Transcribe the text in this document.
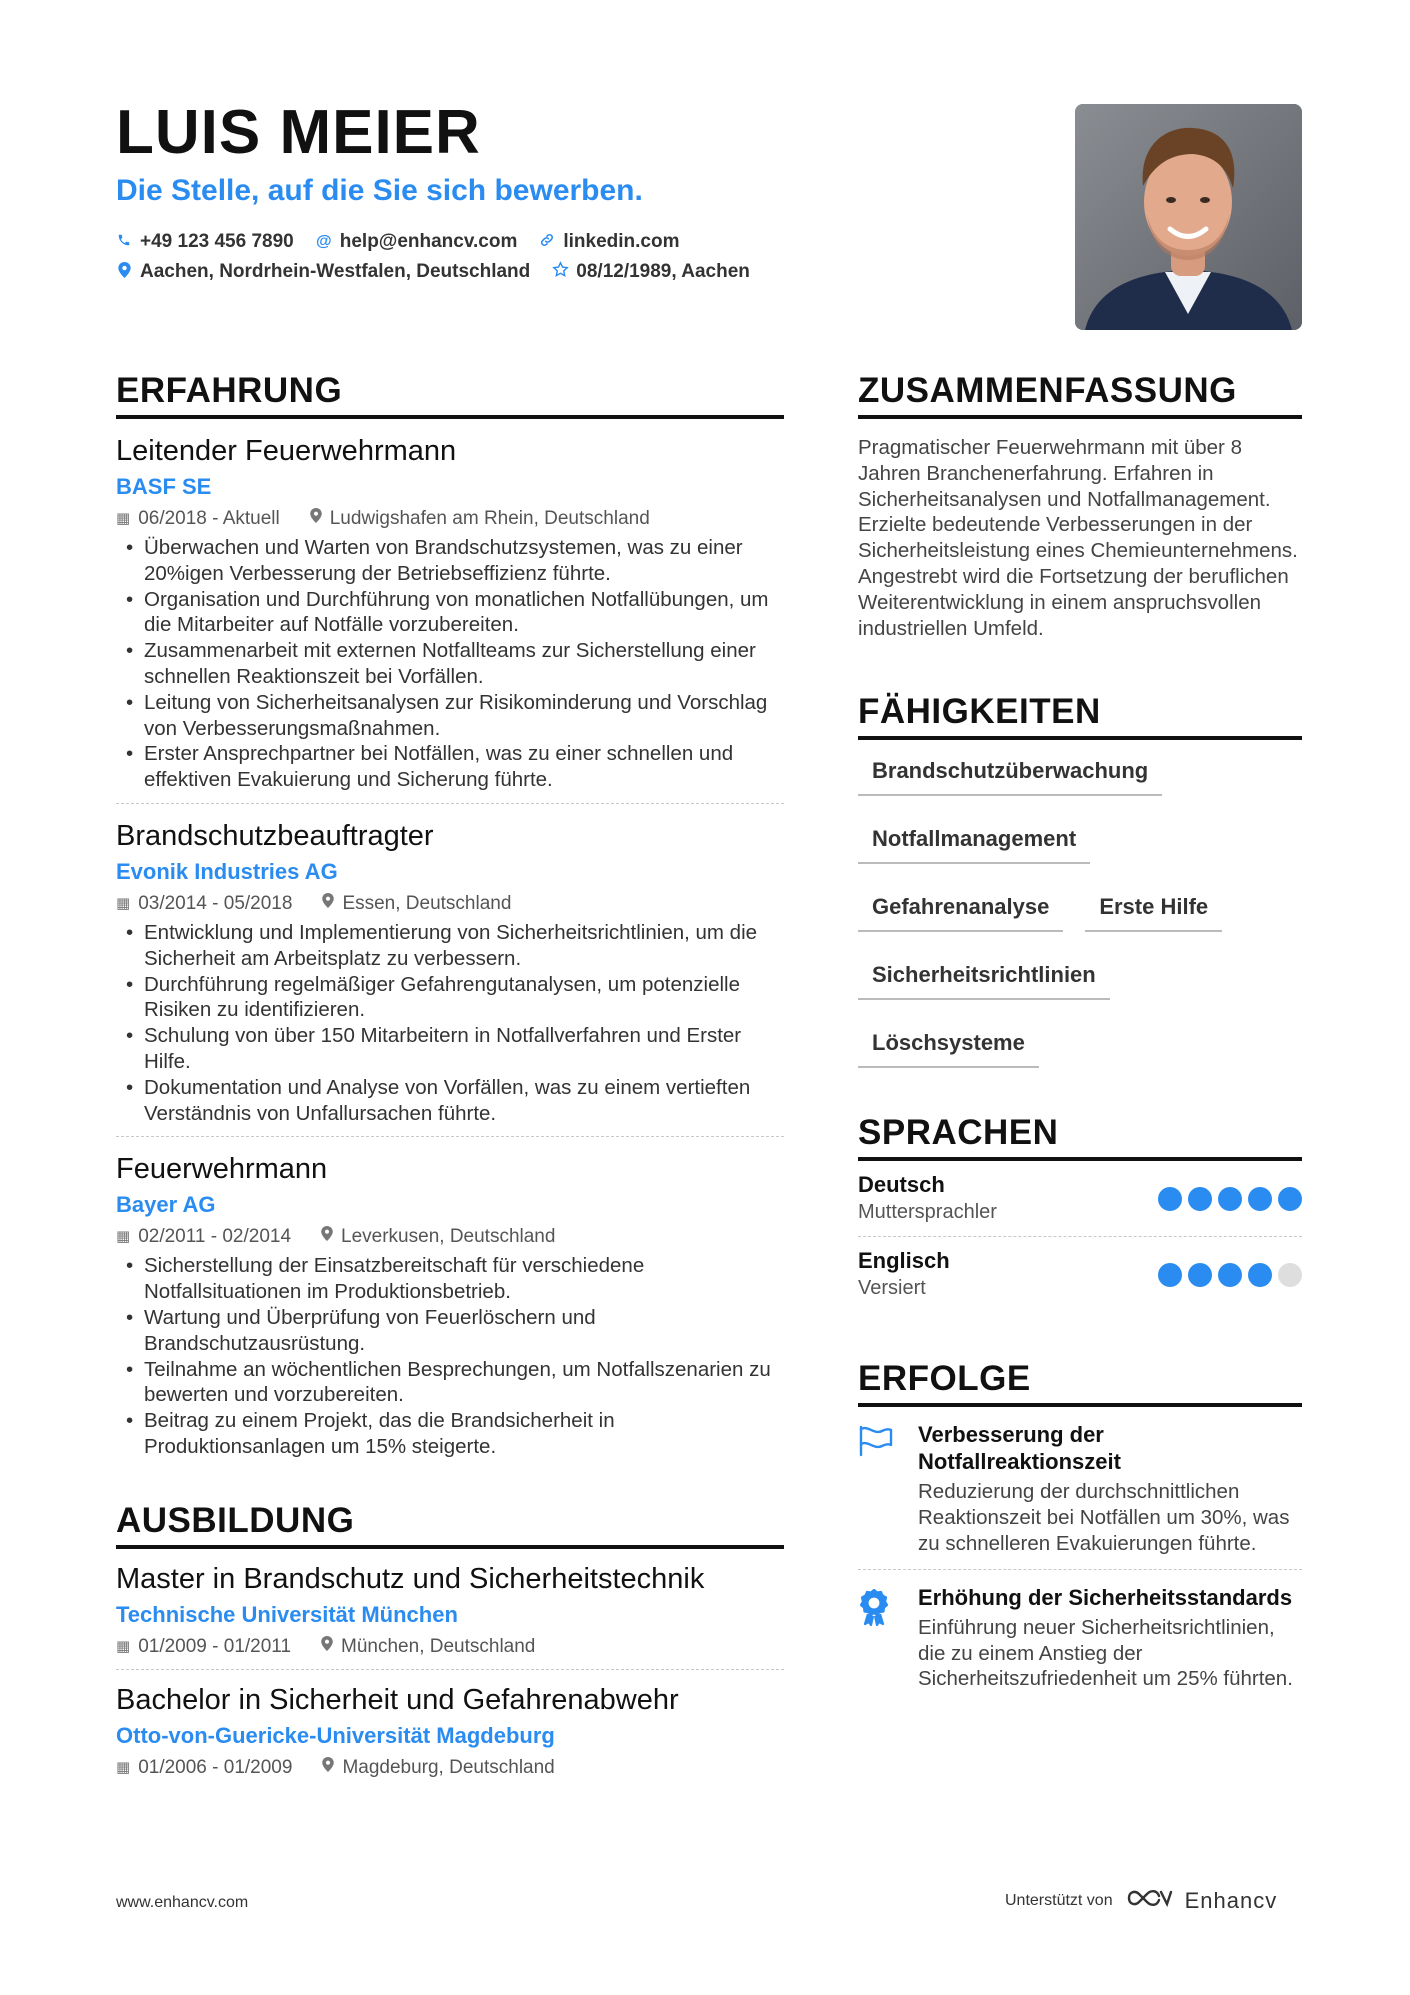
LUIS MEIER
Die Stelle, auf die Sie sich bewerben.
+49 123 456 7890 @ help@enhancv.com linkedin.com
Aachen, Nordrhein-Westfalen, Deutschland 08/12/1989, Aachen
ERFAHRUNG
Leitender Feuerwehrmann
BASF SE
▦ 06/2018 - Aktuell	Ludwigshafen am Rhein, Deutschland
• Überwachen und Warten von Brandschutzsystemen, was zu einer 20%igen Verbesserung der Betriebseffizienz führte.
• Organisation und Durchführung von monatlichen Notfallübungen, um die Mitarbeiter auf Notfälle vorzubereiten.
• Zusammenarbeit mit externen Notfallteams zur Sicherstellung einer schnellen Reaktionszeit bei Vorfällen.
• Leitung von Sicherheitsanalysen zur Risikominderung und Vorschlag von Verbesserungsmaßnahmen.
• Erster Ansprechpartner bei Notfällen, was zu einer schnellen und effektiven Evakuierung und Sicherung führte.
Brandschutzbeauftragter
Evonik Industries AG
▦ 03/2014 - 05/2018	Essen, Deutschland
• Entwicklung und Implementierung von Sicherheitsrichtlinien, um die Sicherheit am Arbeitsplatz zu verbessern.
• Durchführung regelmäßiger Gefahrengutanalysen, um potenzielle Risiken zu identifizieren.
• Schulung von über 150 Mitarbeitern in Notfallverfahren und Erster Hilfe.
• Dokumentation und Analyse von Vorfällen, was zu einem vertieften Verständnis von Unfallursachen führte.
Feuerwehrmann
Bayer AG
▦ 02/2011 - 02/2014	Leverkusen, Deutschland
• Sicherstellung der Einsatzbereitschaft für verschiedene Notfallsituationen im Produktionsbetrieb.
• Wartung und Überprüfung von Feuerlöschern und Brandschutzausrüstung.
• Teilnahme an wöchentlichen Besprechungen, um Notfallszenarien zu bewerten und vorzubereiten.
• Beitrag zu einem Projekt, das die Brandsicherheit in Produktionsanlagen um 15% steigerte.
AUSBILDUNG
Master in Brandschutz und Sicherheitstechnik
Technische Universität München
▦ 01/2009 - 01/2011	München, Deutschland
Bachelor in Sicherheit und Gefahrenabwehr
Otto-von-Guericke-Universität Magdeburg
▦ 01/2006 - 01/2009	Magdeburg, Deutschland
ZUSAMMENFASSUNG
Pragmatischer Feuerwehrmann mit über 8 Jahren Branchenerfahrung. Erfahren in Sicherheitsanalysen und Notfallmanagement. Erzielte bedeutende Verbesserungen in der Sicherheitsleistung eines Chemieunternehmens. Angestrebt wird die Fortsetzung der beruflichen Weiterentwicklung in einem anspruchsvollen industriellen Umfeld.
FÄHIGKEITEN
Brandschutzüberwachung
Notfallmanagement
Gefahrenanalyse	Erste Hilfe
Sicherheitsrichtlinien
Löschsysteme
SPRACHEN
Deutsch
Muttersprachler
Englisch
Versiert
ERFOLGE
Verbesserung der Notfallreaktionszeit
Reduzierung der durchschnittlichen Reaktionszeit bei Notfällen um 30%, was zu schnelleren Evakuierungen führte.
Erhöhung der Sicherheitsstandards
Einführung neuer Sicherheitsrichtlinien, die zu einem Anstieg der Sicherheitszufriedenheit um 25% führten.
www.enhancv.com	Unterstützt von	Enhancv
